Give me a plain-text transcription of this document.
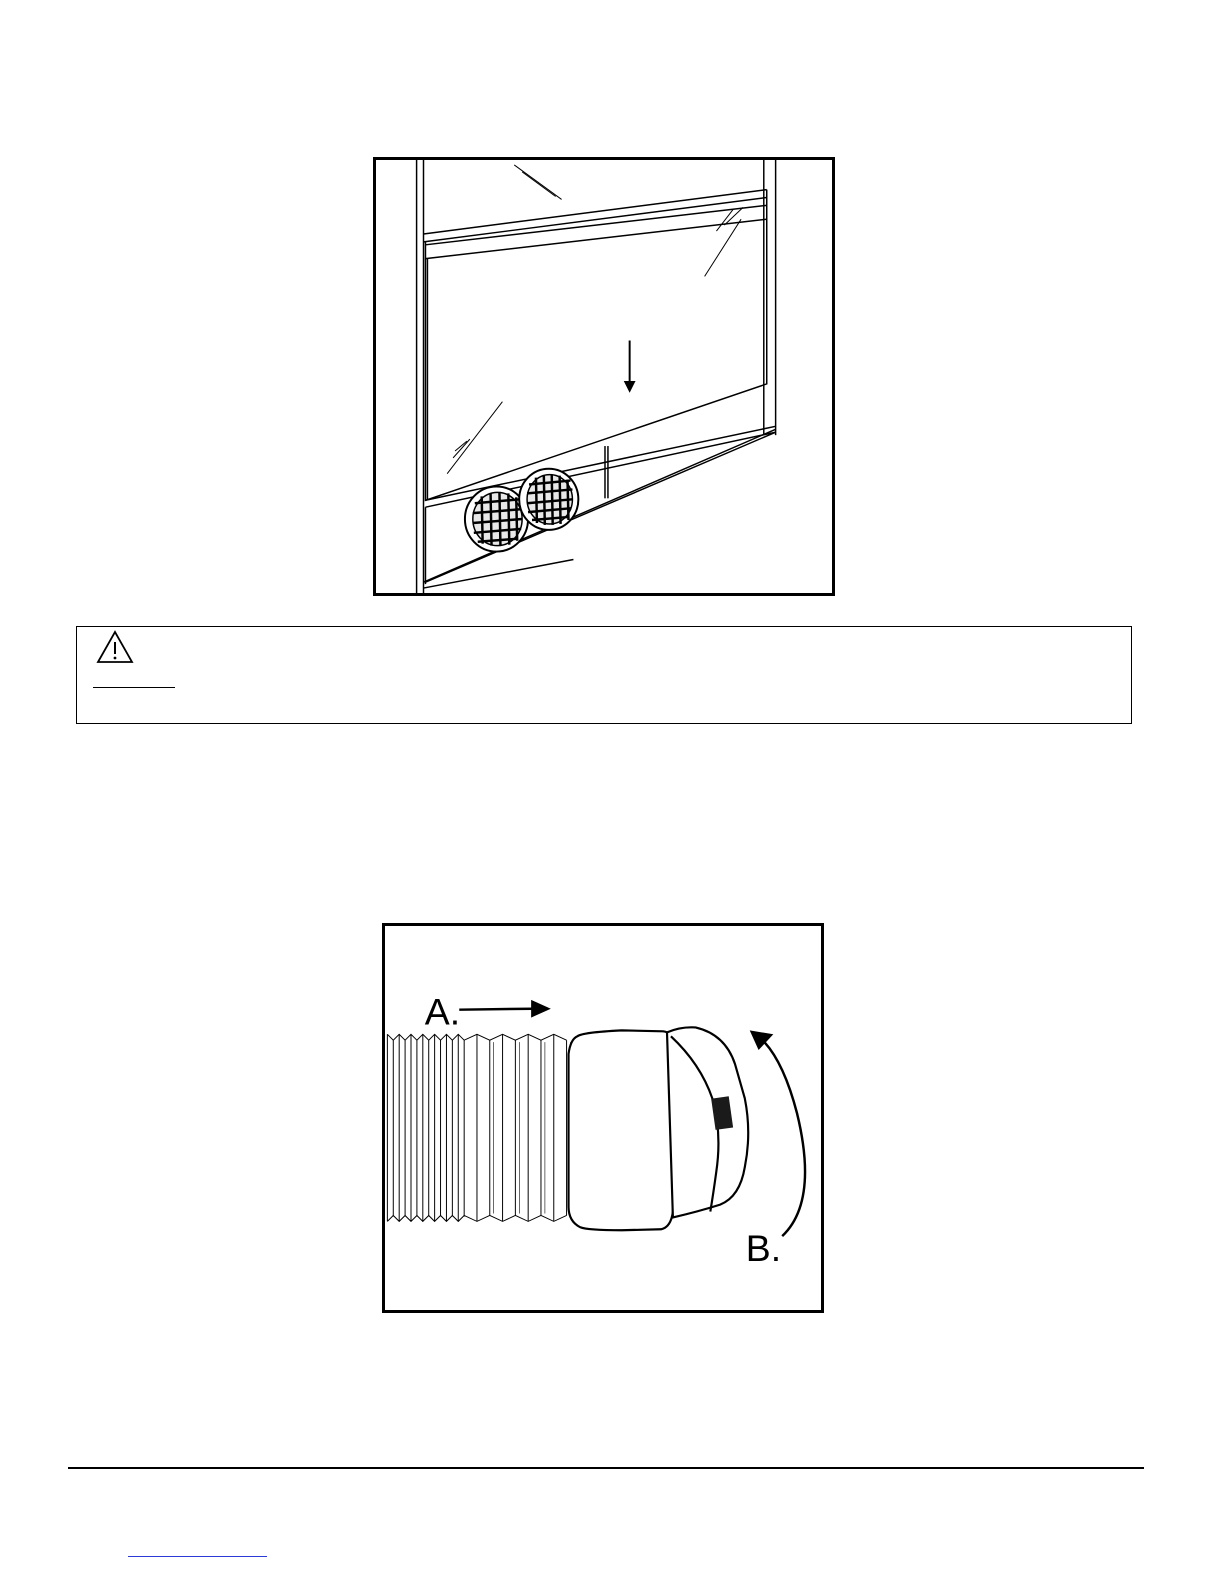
A.
B.
